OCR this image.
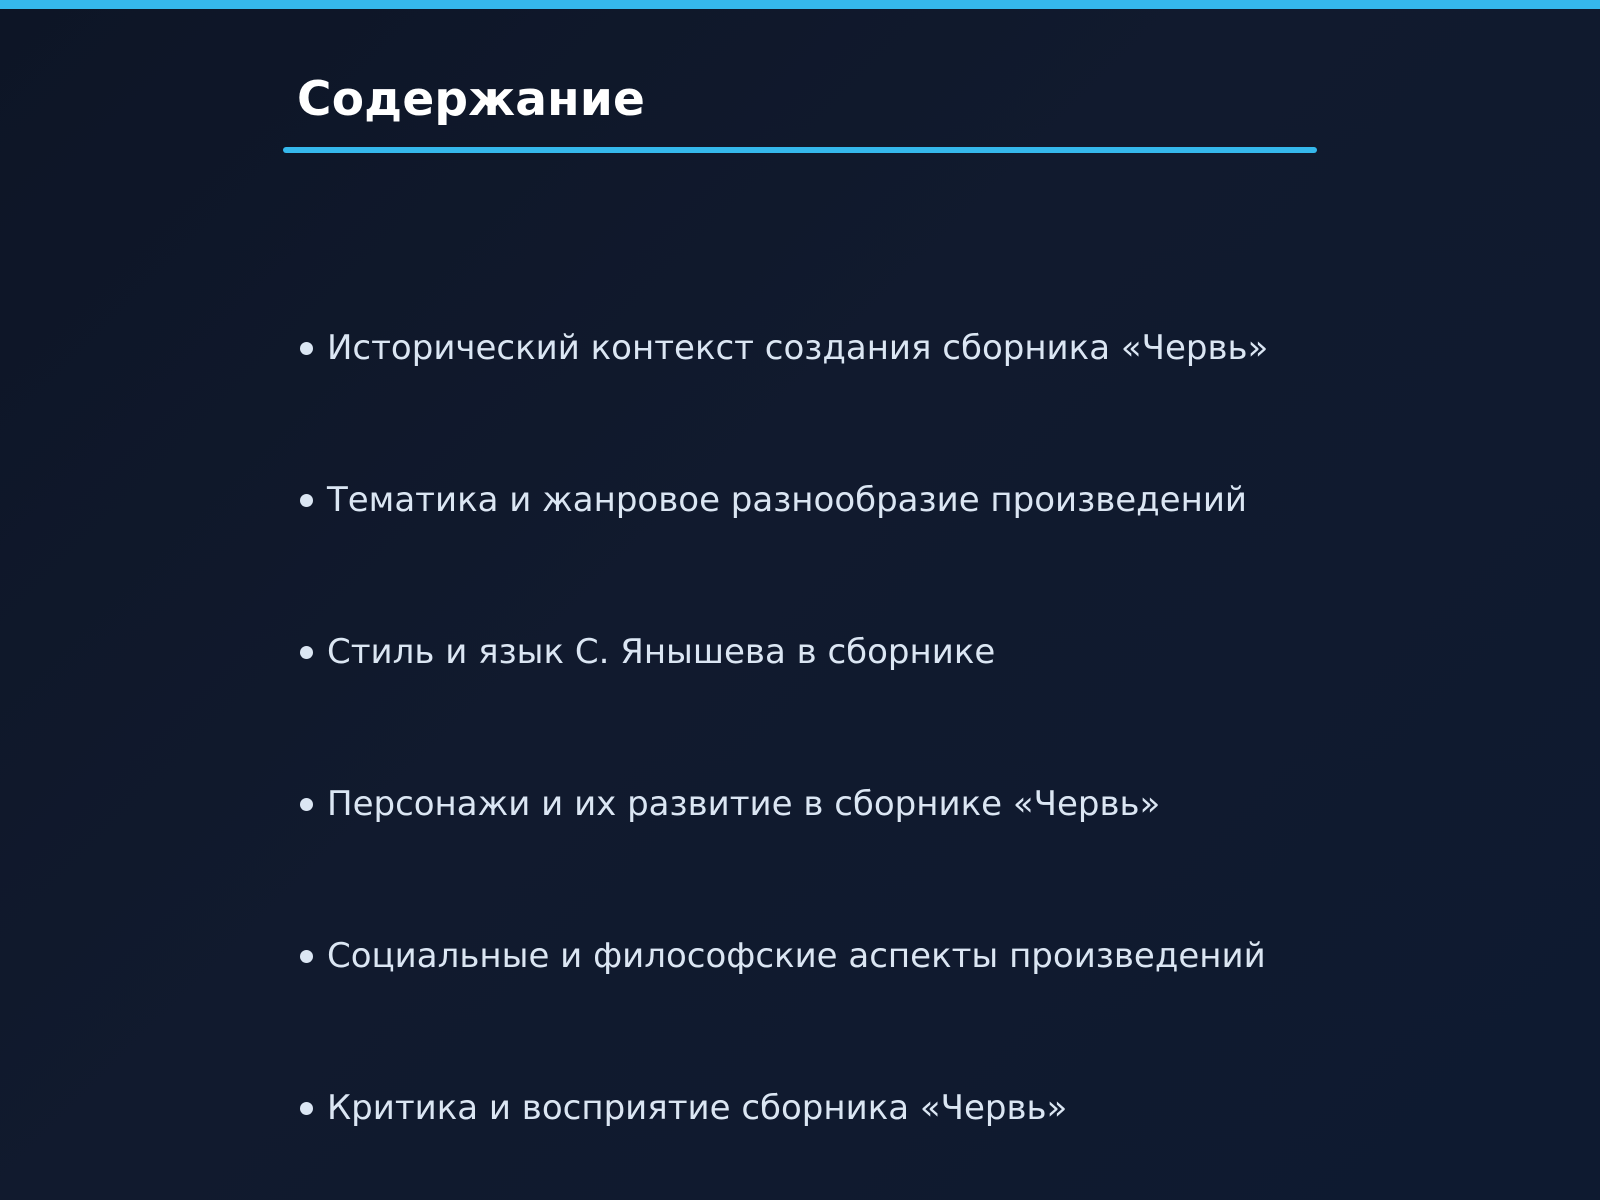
Содержание
Исторический контекст создания сборника «Червь»
Тематика и жанровое разнообразие произведений
Стиль и язык С. Янышева в сборнике
Персонажи и их развитие в сборнике «Червь»
Социальные и философские аспекты произведений
Критика и восприятие сборника «Червь»
